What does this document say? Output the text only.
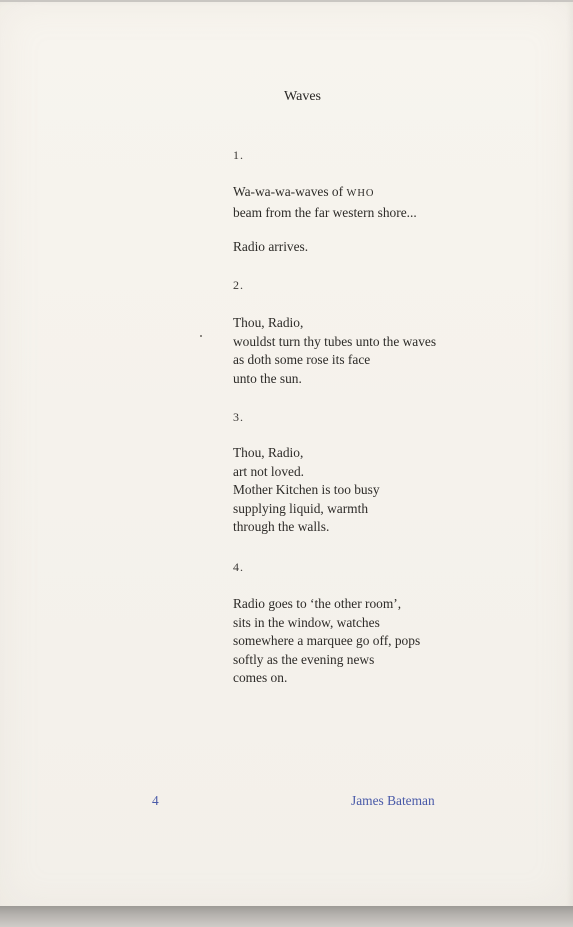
Waves
1.
Wa-wa-wa-waves of WHO
beam from the far western shore...
Radio arrives.
2.
Thou, Radio,
wouldst turn thy tubes unto the waves
as doth some rose its face
unto the sun.
3.
Thou, Radio,
art not loved.
Mother Kitchen is too busy
supplying liquid, warmth
through the walls.
4.
Radio goes to ‘the other room’,
sits in the window, watches
somewhere a marquee go off, pops
softly as the evening news
comes on.
4	James Bateman
